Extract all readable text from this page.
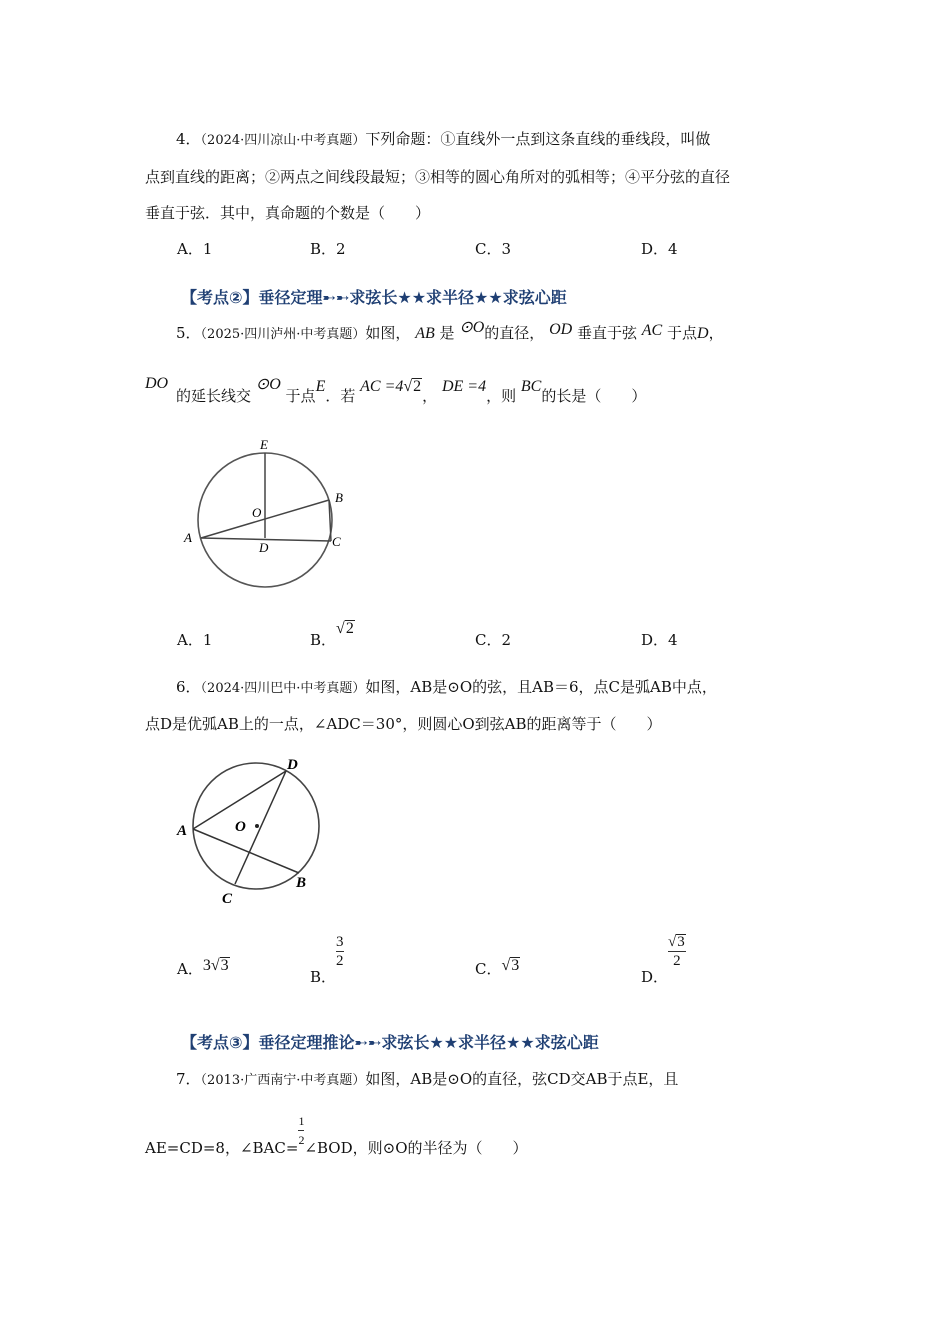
4．（2024·四川凉山·中考真题）下列命题：①直线外一点到这条直线的垂线段，叫做
点到直线的距离；②两点之间线段最短；③相等的圆心角所对的弧相等；④平分弦的直径
垂直于弦．其中，真命题的个数是（　　）
A．1	B．2	C．3	D．4
【考点②】垂径定理➸➸求弦长★★求半径★★求弦心距
5．（2025·四川泸州·中考真题）如图， AB 是 ⊙O的直径， OD 垂直于弦 AC 于点D，
DO
的延长线交 ⊙O 于点E．若 AC =4√2， DE =4，则 BC的长是（　　）
E
B
O
A
D	C
A．1	B．√2
C．2	D．4
6．（2024·四川巴中·中考真题）如图，AB是⊙O的弦，且AB＝6，点C是弧AB中点，
点D是优弧AB上的一点，∠ADC＝30°，则圆心O到弦AB的距离等于（　　）
D
A	O
B
C
A．3√3
B．
$\frac{3}{2}$	C．√3
D．
$\frac{√3}{2}$
【考点③】垂径定理推论➸➸求弦长★★求半径★★求弦心距
7．（2013·广西南宁·中考真题）如图，AB是⊙O的直径，弦CD交AB于点E，且
AE=CD=8，∠BAC= $\frac{1}{2}$ ∠BOD，则⊙O的半径为（　　）
